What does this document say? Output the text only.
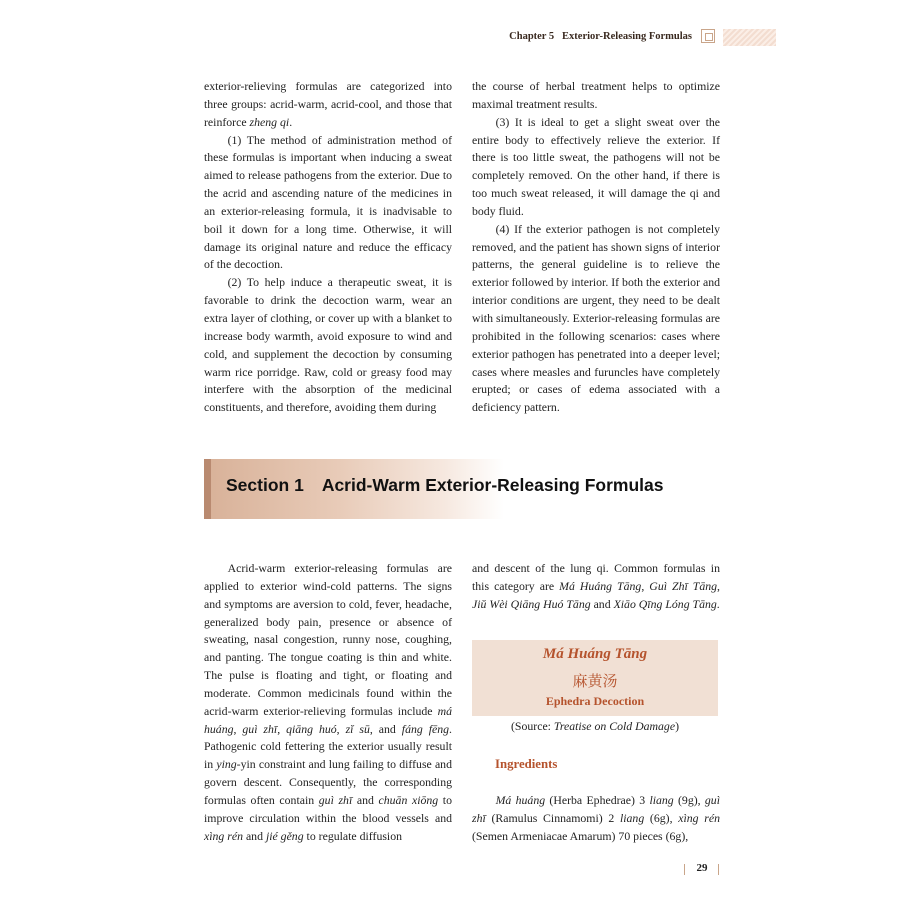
Chapter 5 Exterior-Releasing Formulas

exterior-relieving formulas are categorized into three groups: acrid-warm, acrid-cool, and those that reinforce zheng qi.

(1) The method of administration method of these formulas is important when inducing a sweat aimed to release pathogens from the exterior. Due to the acrid and ascending nature of the medicines in an exterior-releasing formula, it is inadvisable to boil it down for a long time. Otherwise, it will damage its original nature and reduce the efficacy of the decoction.

(2) To help induce a therapeutic sweat, it is favorable to drink the decoction warm, wear an extra layer of clothing, or cover up with a blanket to increase body warmth, avoid exposure to wind and cold, and supplement the decoction by consuming warm rice porridge. Raw, cold or greasy food may interfere with the absorption of the medicinal constituents, and therefore, avoiding them during

the course of herbal treatment helps to optimize maximal treatment results.

(3) It is ideal to get a slight sweat over the entire body to effectively relieve the exterior. If there is too little sweat, the pathogens will not be completely removed. On the other hand, if there is too much sweat released, it will damage the qi and body fluid.

(4) If the exterior pathogen is not completely removed, and the patient has shown signs of interior patterns, the general guideline is to relieve the exterior followed by interior. If both the exterior and interior conditions are urgent, they need to be dealt with simultaneously. Exterior-releasing formulas are prohibited in the following scenarios: cases where exterior pathogen has penetrated into a deeper level; cases where measles and furuncles have completely erupted; or cases of edema associated with a deficiency pattern.

Section 1 Acrid-Warm Exterior-Releasing Formulas

Acrid-warm exterior-releasing formulas are applied to exterior wind-cold patterns. The signs and symptoms are aversion to cold, fever, headache, generalized body pain, presence or absence of sweating, nasal congestion, runny nose, coughing, and panting. The tongue coating is thin and white. The pulse is floating and tight, or floating and moderate. Common medicinals found within the acrid-warm exterior-relieving formulas include má huáng, guì zhī, qiāng huó, zĭ sū, and fáng fēng. Pathogenic cold fettering the exterior usually result in ying-yin constraint and lung failing to diffuse and govern descent. Consequently, the corresponding formulas often contain guì zhī and chuān xiōng to improve circulation within the blood vessels and xìng rén and jié gěng to regulate diffusion

and descent of the lung qi. Common formulas in this category are Má Huáng Tāng, Guì Zhī Tāng, Jiŭ Wèi Qiāng Huó Tāng and Xiāo Qīng Lóng Tāng.

Má Huáng Tāng
麻黄汤
Ephedra Decoction
(Source: Treatise on Cold Damage)
Ingredients

Má huáng (Herba Ephedrae) 3 liang (9g), guì zhī (Ramulus Cinnamomi) 2 liang (6g), xìng rén (Semen Armeniacae Amarum) 70 pieces (6g),

29
